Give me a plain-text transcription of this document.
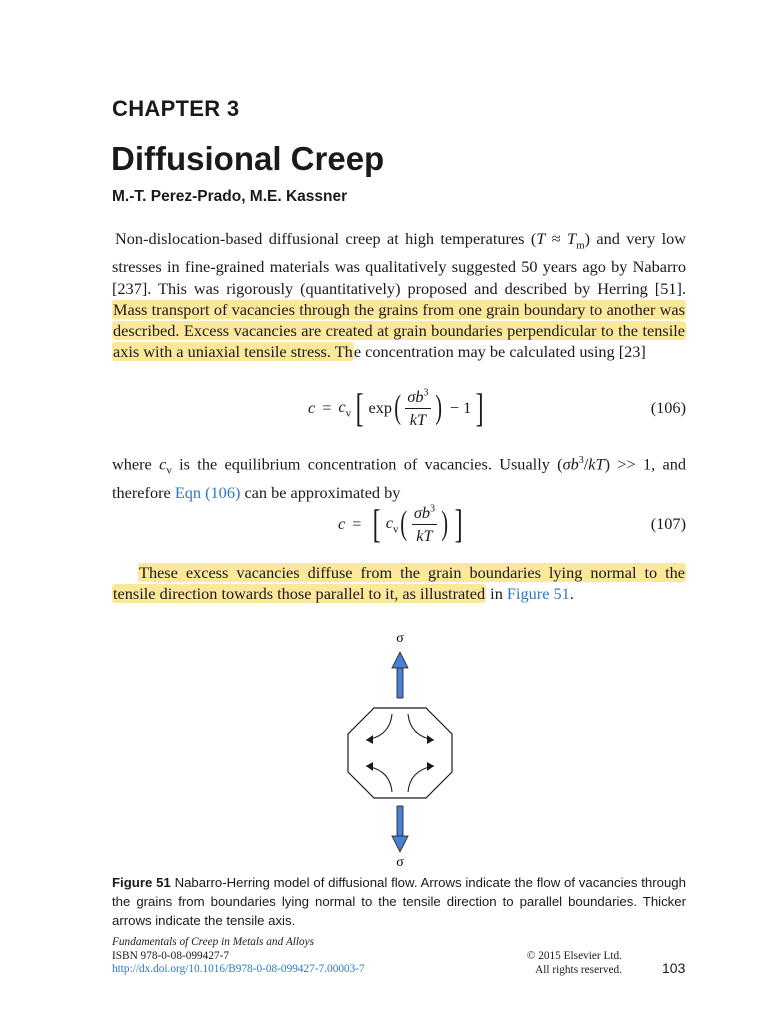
CHAPTER 3
Diffusional Creep
M.-T. Perez-Prado, M.E. Kassner

Non-dislocation-based diffusional creep at high temperatures $(T \approx T_m)$ and very low stresses in fine-grained materials was qualitatively suggested 50 years ago by Nabarro [237]. This was rigorously (quantitatively) proposed and described by Herring [51]. Mass transport of vacancies through the grains from one grain boundary to another was described. Excess vacancies are created at grain boundaries perpendicular to the tensile axis with a uniaxial tensile stress. The concentration may be calculated using [23]

$c = c_v$ [ exp ( $\frac{\sigma b^3}{kT}$ ) − 1 ]	(106)

where $c_v$ is the equilibrium concentration of vacancies. Usually $(\sigma b^3/kT) >> 1$, and therefore Eqn (106) can be approximated by

c = [ $c_v$ ( $\frac{\sigma b^3}{kT}$ ) ]	(107)

These excess vacancies diffuse from the grain boundaries lying normal to the tensile direction towards those parallel to it, as illustrated in Figure 51.

σ
σ
Figure 51 Nabarro-Herring model of diffusional flow. Arrows indicate the flow of vacancies through the grains from boundaries lying normal to the tensile direction to parallel boundaries. Thicker arrows indicate the tensile axis.
Fundamentals of Creep in Metals and Alloys
ISBN 978-0-08-099427-7
http://dx.doi.org/10.1016/B978-0-08-099427-7.00003-7
© 2015 Elsevier Ltd.
All rights reserved.	103
